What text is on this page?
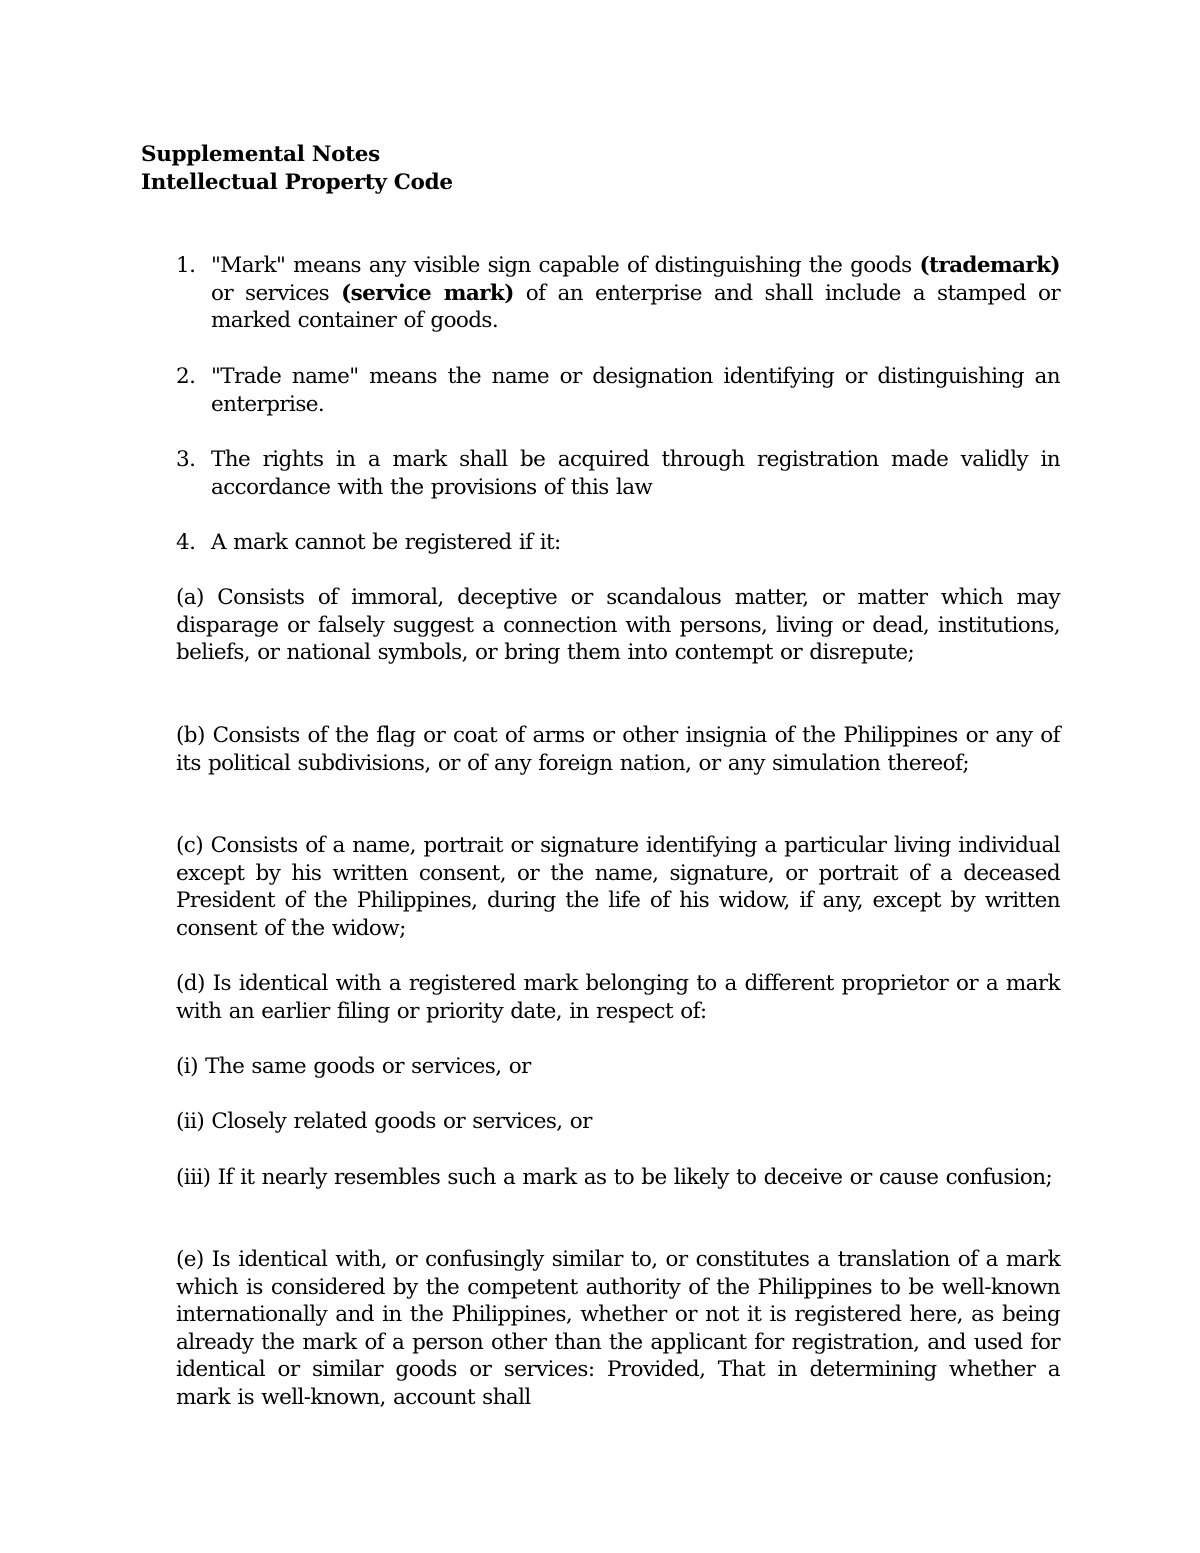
Supplemental Notes
Intellectual Property Code
1. "Mark" means any visible sign capable of distinguishing the goods (trademark) or services (service mark) of an enterprise and shall include a stamped or marked container of goods.
2. "Trade name" means the name or designation identifying or distinguishing an enterprise.
3. The rights in a mark shall be acquired through registration made validly in accordance with the provisions of this law
4. A mark cannot be registered if it:

(a) Consists of immoral, deceptive or scandalous matter, or matter which may disparage or falsely suggest a connection with persons, living or dead, institutions, beliefs, or national symbols, or bring them into contempt or disrepute;

(b) Consists of the flag or coat of arms or other insignia of the Philippines or any of its political subdivisions, or of any foreign nation, or any simulation thereof;

(c) Consists of a name, portrait or signature identifying a particular living individual except by his written consent, or the name, signature, or portrait of a deceased President of the Philippines, during the life of his widow, if any, except by written consent of the widow;

(d) Is identical with a registered mark belonging to a different proprietor or a mark with an earlier filing or priority date, in respect of:

(i) The same goods or services, or

(ii) Closely related goods or services, or

(iii) If it nearly resembles such a mark as to be likely to deceive or cause confusion;

(e) Is identical with, or confusingly similar to, or constitutes a translation of a mark which is considered by the competent authority of the Philippines to be well-known internationally and in the Philippines, whether or not it is registered here, as being already the mark of a person other than the applicant for registration, and used for identical or similar goods or services: Provided, That in determining whether a mark is well-known, account shall
